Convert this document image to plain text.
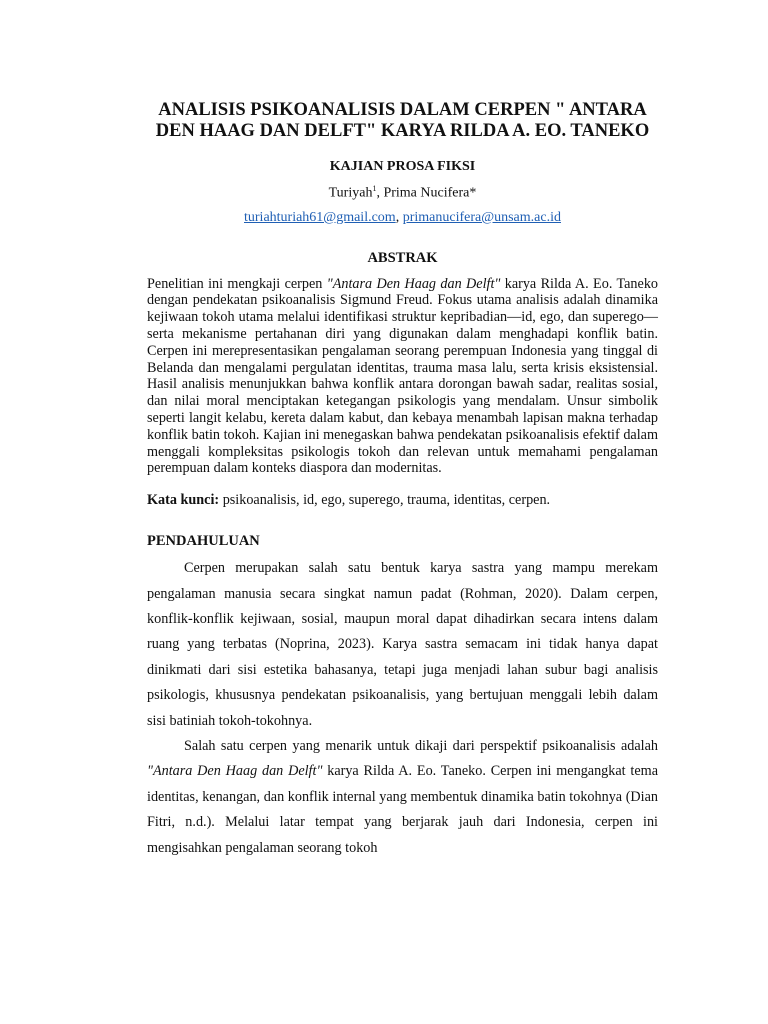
ANALISIS PSIKOANALISIS DALAM CERPEN " ANTARA DEN HAAG DAN DELFT" KARYA RILDA A. EO. TANEKO
KAJIAN PROSA FIKSI
Turiyah$^1$, Prima Nucifera*
turiahturiah61@gmail.com, primanucifera@unsam.ac.id
ABSTRAK

Penelitian ini mengkaji cerpen "Antara Den Haag dan Delft" karya Rilda A. Eo. Taneko dengan pendekatan psikoanalisis Sigmund Freud. Fokus utama analisis adalah dinamika kejiwaan tokoh utama melalui identifikasi struktur kepribadian—id, ego, dan superego—serta mekanisme pertahanan diri yang digunakan dalam menghadapi konflik batin. Cerpen ini merepresentasikan pengalaman seorang perempuan Indonesia yang tinggal di Belanda dan mengalami pergulatan identitas, trauma masa lalu, serta krisis eksistensial. Hasil analisis menunjukkan bahwa konflik antara dorongan bawah sadar, realitas sosial, dan nilai moral menciptakan ketegangan psikologis yang mendalam. Unsur simbolik seperti langit kelabu, kereta dalam kabut, dan kebaya menambah lapisan makna terhadap konflik batin tokoh. Kajian ini menegaskan bahwa pendekatan psikoanalisis efektif dalam menggali kompleksitas psikologis tokoh dan relevan untuk memahami pengalaman perempuan dalam konteks diaspora dan modernitas.

Kata kunci: psikoanalisis, id, ego, superego, trauma, identitas, cerpen.

PENDAHULUAN

Cerpen merupakan salah satu bentuk karya sastra yang mampu merekam pengalaman manusia secara singkat namun padat (Rohman, 2020). Dalam cerpen, konflik-konflik kejiwaan, sosial, maupun moral dapat dihadirkan secara intens dalam ruang yang terbatas (Noprina, 2023). Karya sastra semacam ini tidak hanya dapat dinikmati dari sisi estetika bahasanya, tetapi juga menjadi lahan subur bagi analisis psikologis, khususnya pendekatan psikoanalisis, yang bertujuan menggali lebih dalam sisi batiniah tokoh-tokohnya.

Salah satu cerpen yang menarik untuk dikaji dari perspektif psikoanalisis adalah "Antara Den Haag dan Delft" karya Rilda A. Eo. Taneko. Cerpen ini mengangkat tema identitas, kenangan, dan konflik internal yang membentuk dinamika batin tokohnya (Dian Fitri, n.d.). Melalui latar tempat yang berjarak jauh dari Indonesia, cerpen ini mengisahkan pengalaman seorang tokoh
